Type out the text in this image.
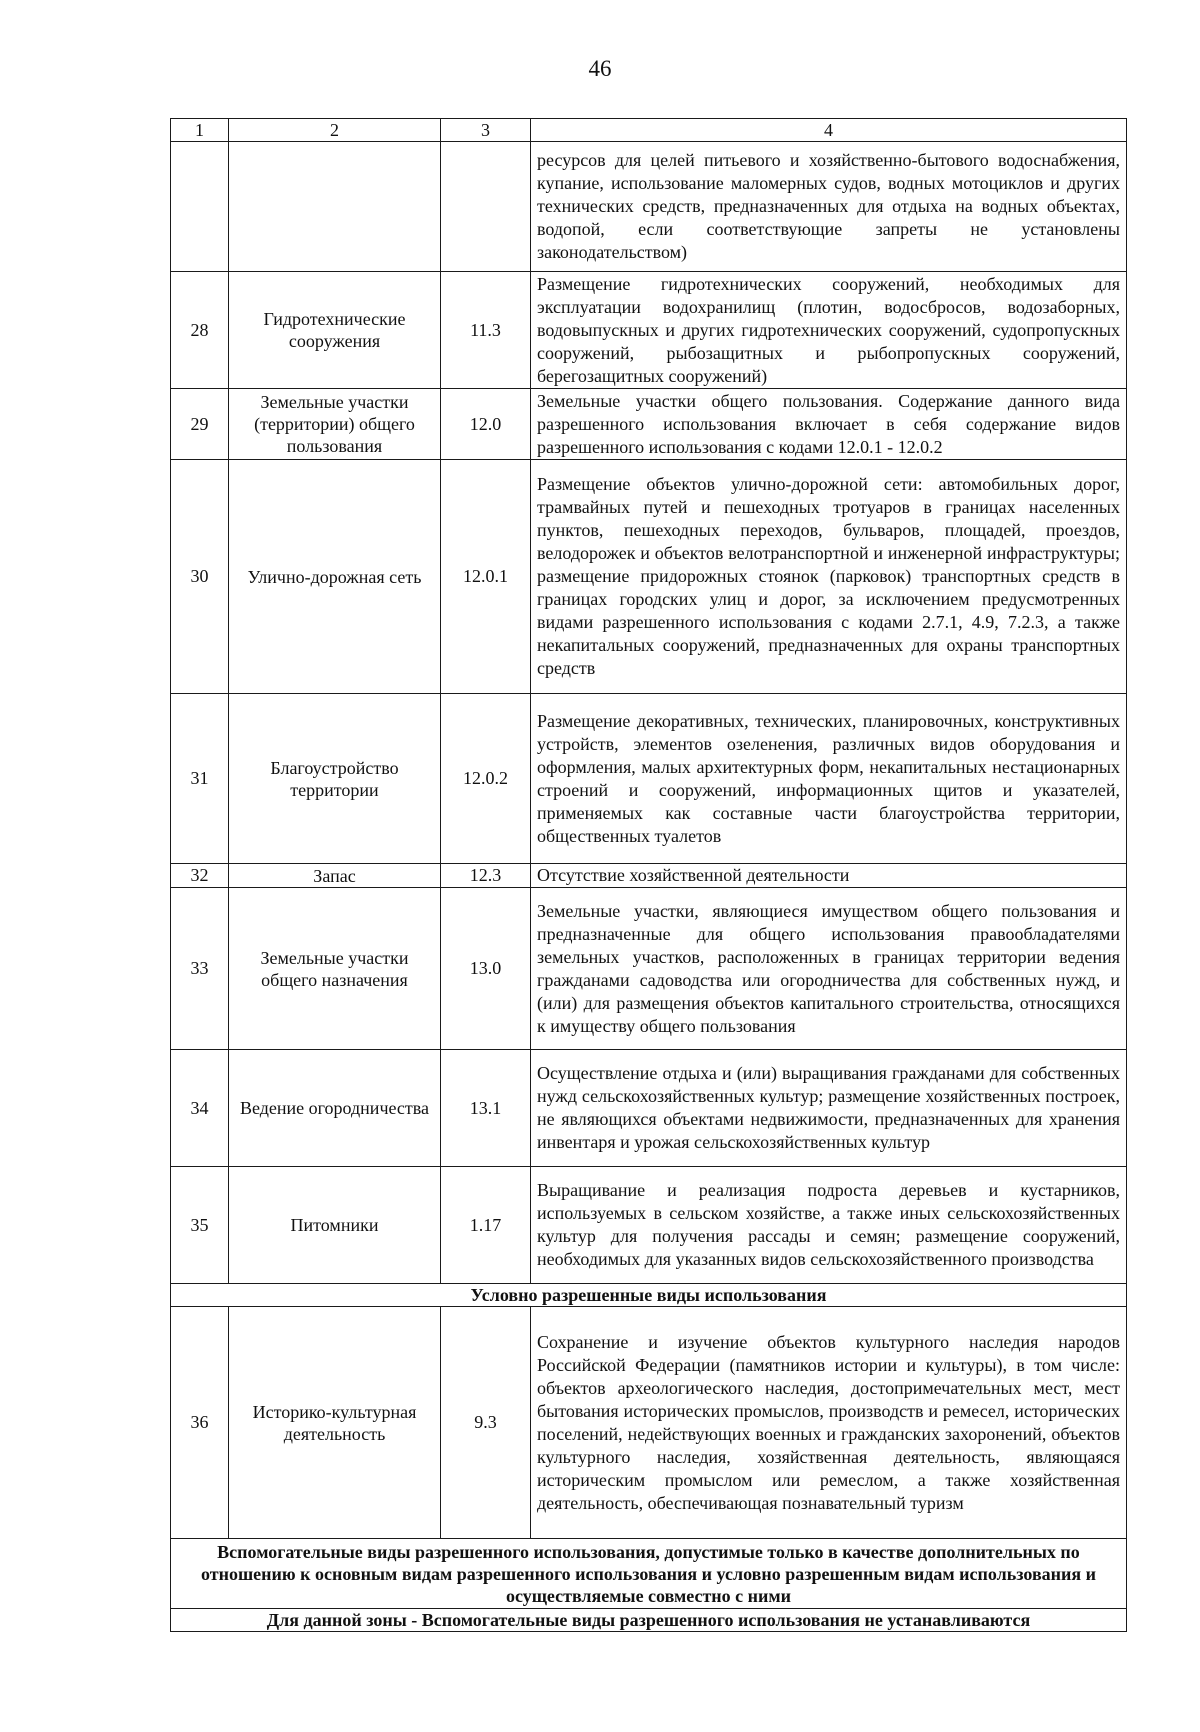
46
1	2	3	4
			ресурсов для целей питьевого и хозяйственно-бытового водоснабжения, купание, использование маломерных судов, водных мотоциклов и других технических средств, предназначенных для отдыха на водных объектах, водопой, если соответствующие запреты не установлены законодательством)
28	Гидротехнические сооружения	11.3	Размещение гидротехнических сооружений, необходимых для эксплуатации водохранилищ (плотин, водосбросов, водозаборных, водовыпускных и других гидротехнических сооружений, судопропускных сооружений, рыбозащитных и рыбопропускных сооружений, берегозащитных сооружений)
29	Земельные участки (территории) общего пользования	12.0	Земельные участки общего пользования. Содержание данного вида разрешенного использования включает в себя содержание видов разрешенного использования с кодами 12.0.1 - 12.0.2
30	Улично-дорожная сеть	12.0.1	Размещение объектов улично-дорожной сети: автомобильных дорог, трамвайных путей и пешеходных тротуаров в границах населенных пунктов, пешеходных переходов, бульваров, площадей, проездов, велодорожек и объектов велотранспортной и инженерной инфраструктуры; размещение придорожных стоянок (парковок) транспортных средств в границах городских улиц и дорог, за исключением предусмотренных видами разрешенного использования с кодами 2.7.1, 4.9, 7.2.3, а также некапитальных сооружений, предназначенных для охраны транспортных средств
31	Благоустройство территории	12.0.2	Размещение декоративных, технических, планировочных, конструктивных устройств, элементов озеленения, различных видов оборудования и оформления, малых архитектурных форм, некапитальных нестационарных строений и сооружений, информационных щитов и указателей, применяемых как составные части благоустройства территории, общественных туалетов
32	Запас	12.3	Отсутствие хозяйственной деятельности
33	Земельные участки общего назначения	13.0	Земельные участки, являющиеся имуществом общего пользования и предназначенные для общего использования правообладателями земельных участков, расположенных в границах территории ведения гражданами садоводства или огородничества для собственных нужд, и (или) для размещения объектов капитального строительства, относящихся к имуществу общего пользования
34	Ведение огородничества	13.1	Осуществление отдыха и (или) выращивания гражданами для собственных нужд сельскохозяйственных культур; размещение хозяйственных построек, не являющихся объектами недвижимости, предназначенных для хранения инвентаря и урожая сельскохозяйственных культур
35	Питомники	1.17	Выращивание и реализация подроста деревьев и кустарников, используемых в сельском хозяйстве, а также иных сельскохозяйственных культур для получения рассады и семян; размещение сооружений, необходимых для указанных видов сельскохозяйственного производства
Условно разрешенные виды использования			
36	Историко-культурная деятельность	9.3	Сохранение и изучение объектов культурного наследия народов Российской Федерации (памятников истории и культуры), в том числе: объектов археологического наследия, достопримечательных мест, мест бытования исторических промыслов, производств и ремесел, исторических поселений, недействующих военных и гражданских захоронений, объектов культурного наследия, хозяйственная деятельность, являющаяся историческим промыслом или ремеслом, а также хозяйственная деятельность, обеспечивающая познавательный туризм
Вспомогательные виды разрешенного использования, допустимые только в качестве дополнительных по отношению к основным видам разрешенного использования и условно разрешенным видам использования и осуществляемые совместно с ними			
Для данной зоны - Вспомогательные виды разрешенного использования не устанавливаются			
